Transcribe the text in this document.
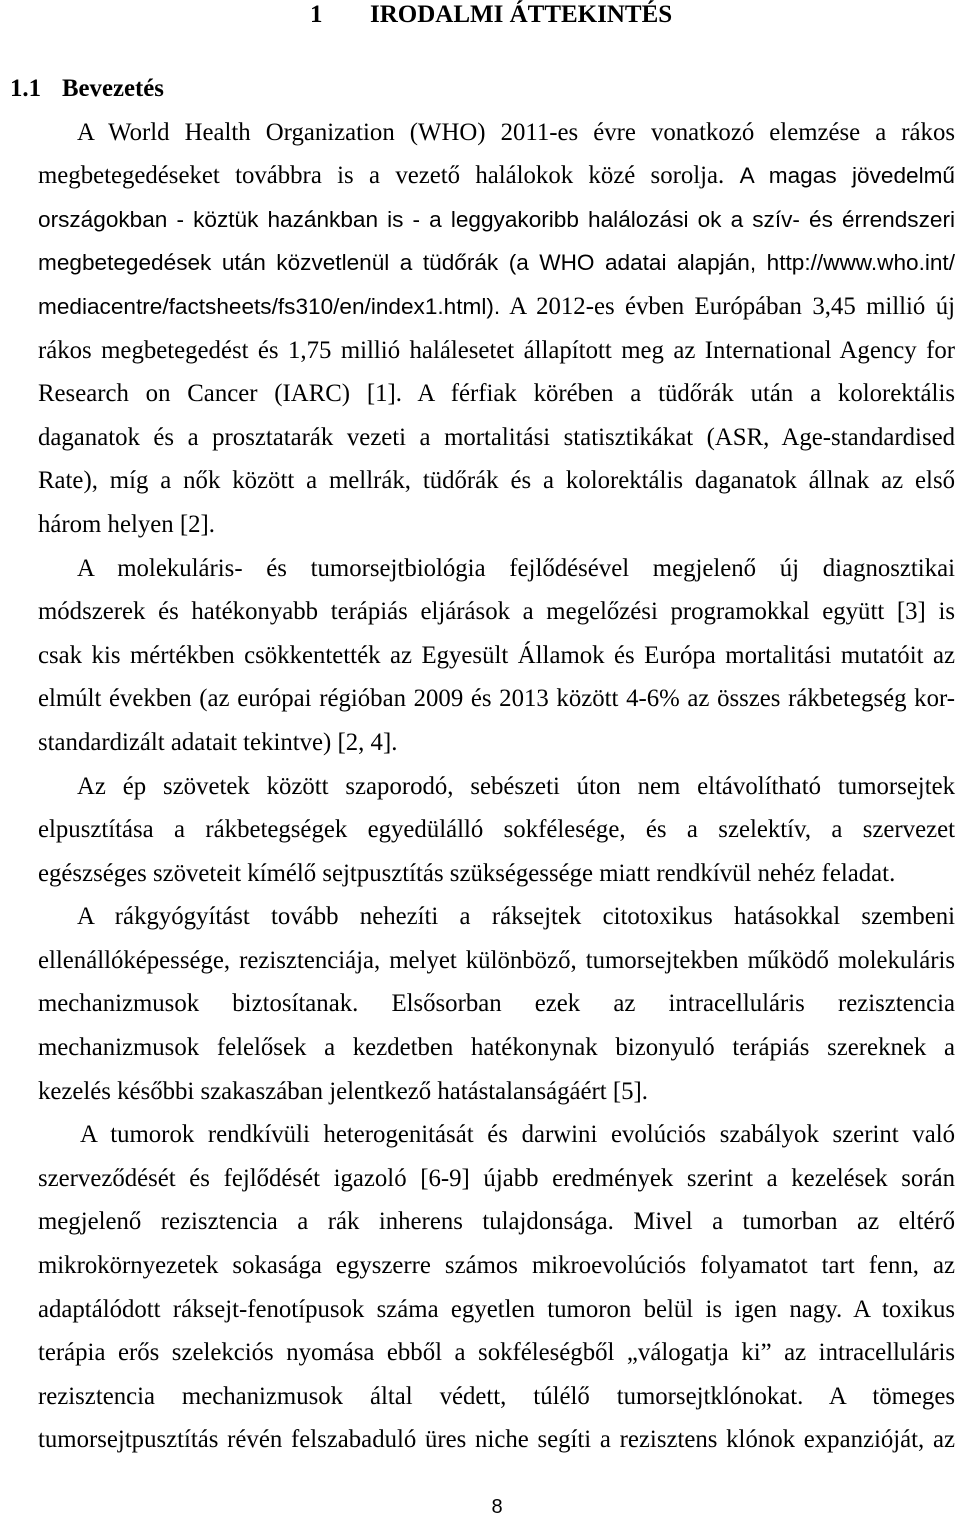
1 IRODALMI ÁTTEKINTÉS
1.1 Bevezetés
A World Health Organization (WHO) 2011-es évre vonatkozó elemzése a rákos
megbetegedéseket továbbra is a vezető halálokok közé sorolja. A magas jövedelmű
országokban - köztük hazánkban is - a leggyakoribb halálozási ok a szív- és érrendszeri
megbetegedések után közvetlenül a tüdőrák (a WHO adatai alapján, http://www.who.int/
mediacentre/factsheets/fs310/en/index1.html). A 2012-es évben Európában 3,45 millió új
rákos megbetegedést és 1,75 millió halálesetet állapított meg az International Agency for
Research on Cancer (IARC) [1]. A férfiak körében a tüdőrák után a kolorektális
daganatok és a prosztatarák vezeti a mortalitási statisztikákat (ASR, Age-standardised
Rate), míg a nők között a mellrák, tüdőrák és a kolorektális daganatok állnak az első
három helyen [2].
A molekuláris- és tumorsejtbiológia fejlődésével megjelenő új diagnosztikai
módszerek és hatékonyabb terápiás eljárások a megelőzési programokkal együtt [3] is
csak kis mértékben csökkentették az Egyesült Államok és Európa mortalitási mutatóit az
elmúlt években (az európai régióban 2009 és 2013 között 4-6% az összes rákbetegség kor-
standardizált adatait tekintve) [2, 4].
Az ép szövetek között szaporodó, sebészeti úton nem eltávolítható tumorsejtek
elpusztítása a rákbetegségek egyedülálló sokfélesége, és a szelektív, a szervezet
egészséges szöveteit kímélő sejtpusztítás szükségessége miatt rendkívül nehéz feladat.
A rákgyógyítást tovább nehezíti a ráksejtek citotoxikus hatásokkal szembeni
ellenállóképessége, rezisztenciája, melyet különböző, tumorsejtekben működő molekuláris
mechanizmusok biztosítanak. Elsősorban ezek az intracelluláris rezisztencia
mechanizmusok felelősek a kezdetben hatékonynak bizonyuló terápiás szereknek a
kezelés későbbi szakaszában jelentkező hatástalanságáért [5].
A tumorok rendkívüli heterogenitását és darwini evolúciós szabályok szerint való
szerveződését és fejlődését igazoló [6-9] újabb eredmények szerint a kezelések során
megjelenő rezisztencia a rák inherens tulajdonsága. Mivel a tumorban az eltérő
mikrokörnyezetek sokasága egyszerre számos mikroevolúciós folyamatot tart fenn, az
adaptálódott ráksejt-fenotípusok száma egyetlen tumoron belül is igen nagy. A toxikus
terápia erős szelekciós nyomása ebből a sokféleségből „válogatja ki” az intracelluláris
rezisztencia mechanizmusok által védett, túlélő tumorsejtklónokat. A tömeges
tumorsejtpusztítás révén felszabaduló üres niche segíti a rezisztens klónok expanzióját, az
8
